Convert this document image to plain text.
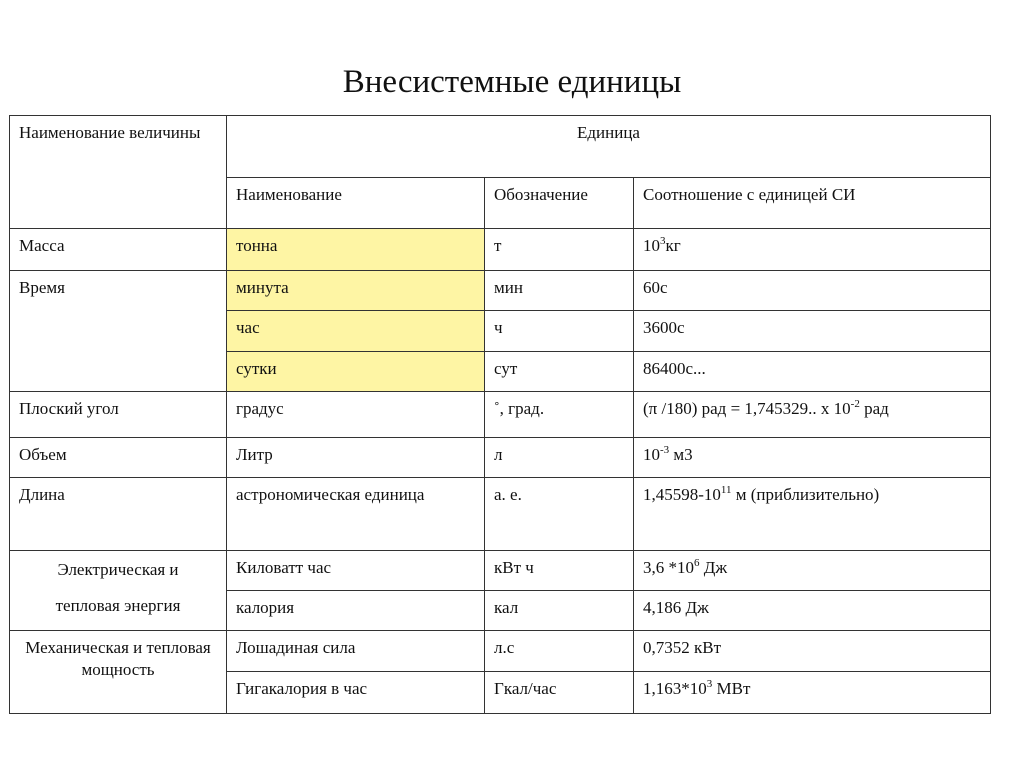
Внесистемные единицы
Наименование величины	Единица		
	Наименование	Обозначение	Соотношение с единицей СИ
Масса	тонна	т	$10^3кг$
Время	минута	мин	60с
	час	ч	3600с
	сутки	сут	86400с...
Плоский угол	градус	˚, град.	(π /180) рад = 1,745329.. x $10^{-2}$ рад
Объем	Литр	л	$10^{-3}$ м3
Длина	астрономическая единица	а. е.	$1,45598-10^{11}$ м (приблизительно)

Электрическая и
тепловая энергия	Киловатт час	кВт ч	3,6 $*10^6$ Дж
	калория	кал	4,186 Дж
Механическая и тепловая мощность	Лошадиная сила	л.с	0,7352 кВт
	Гигакалория в час	Гкал/час	$1,163*10^3$ МВт
